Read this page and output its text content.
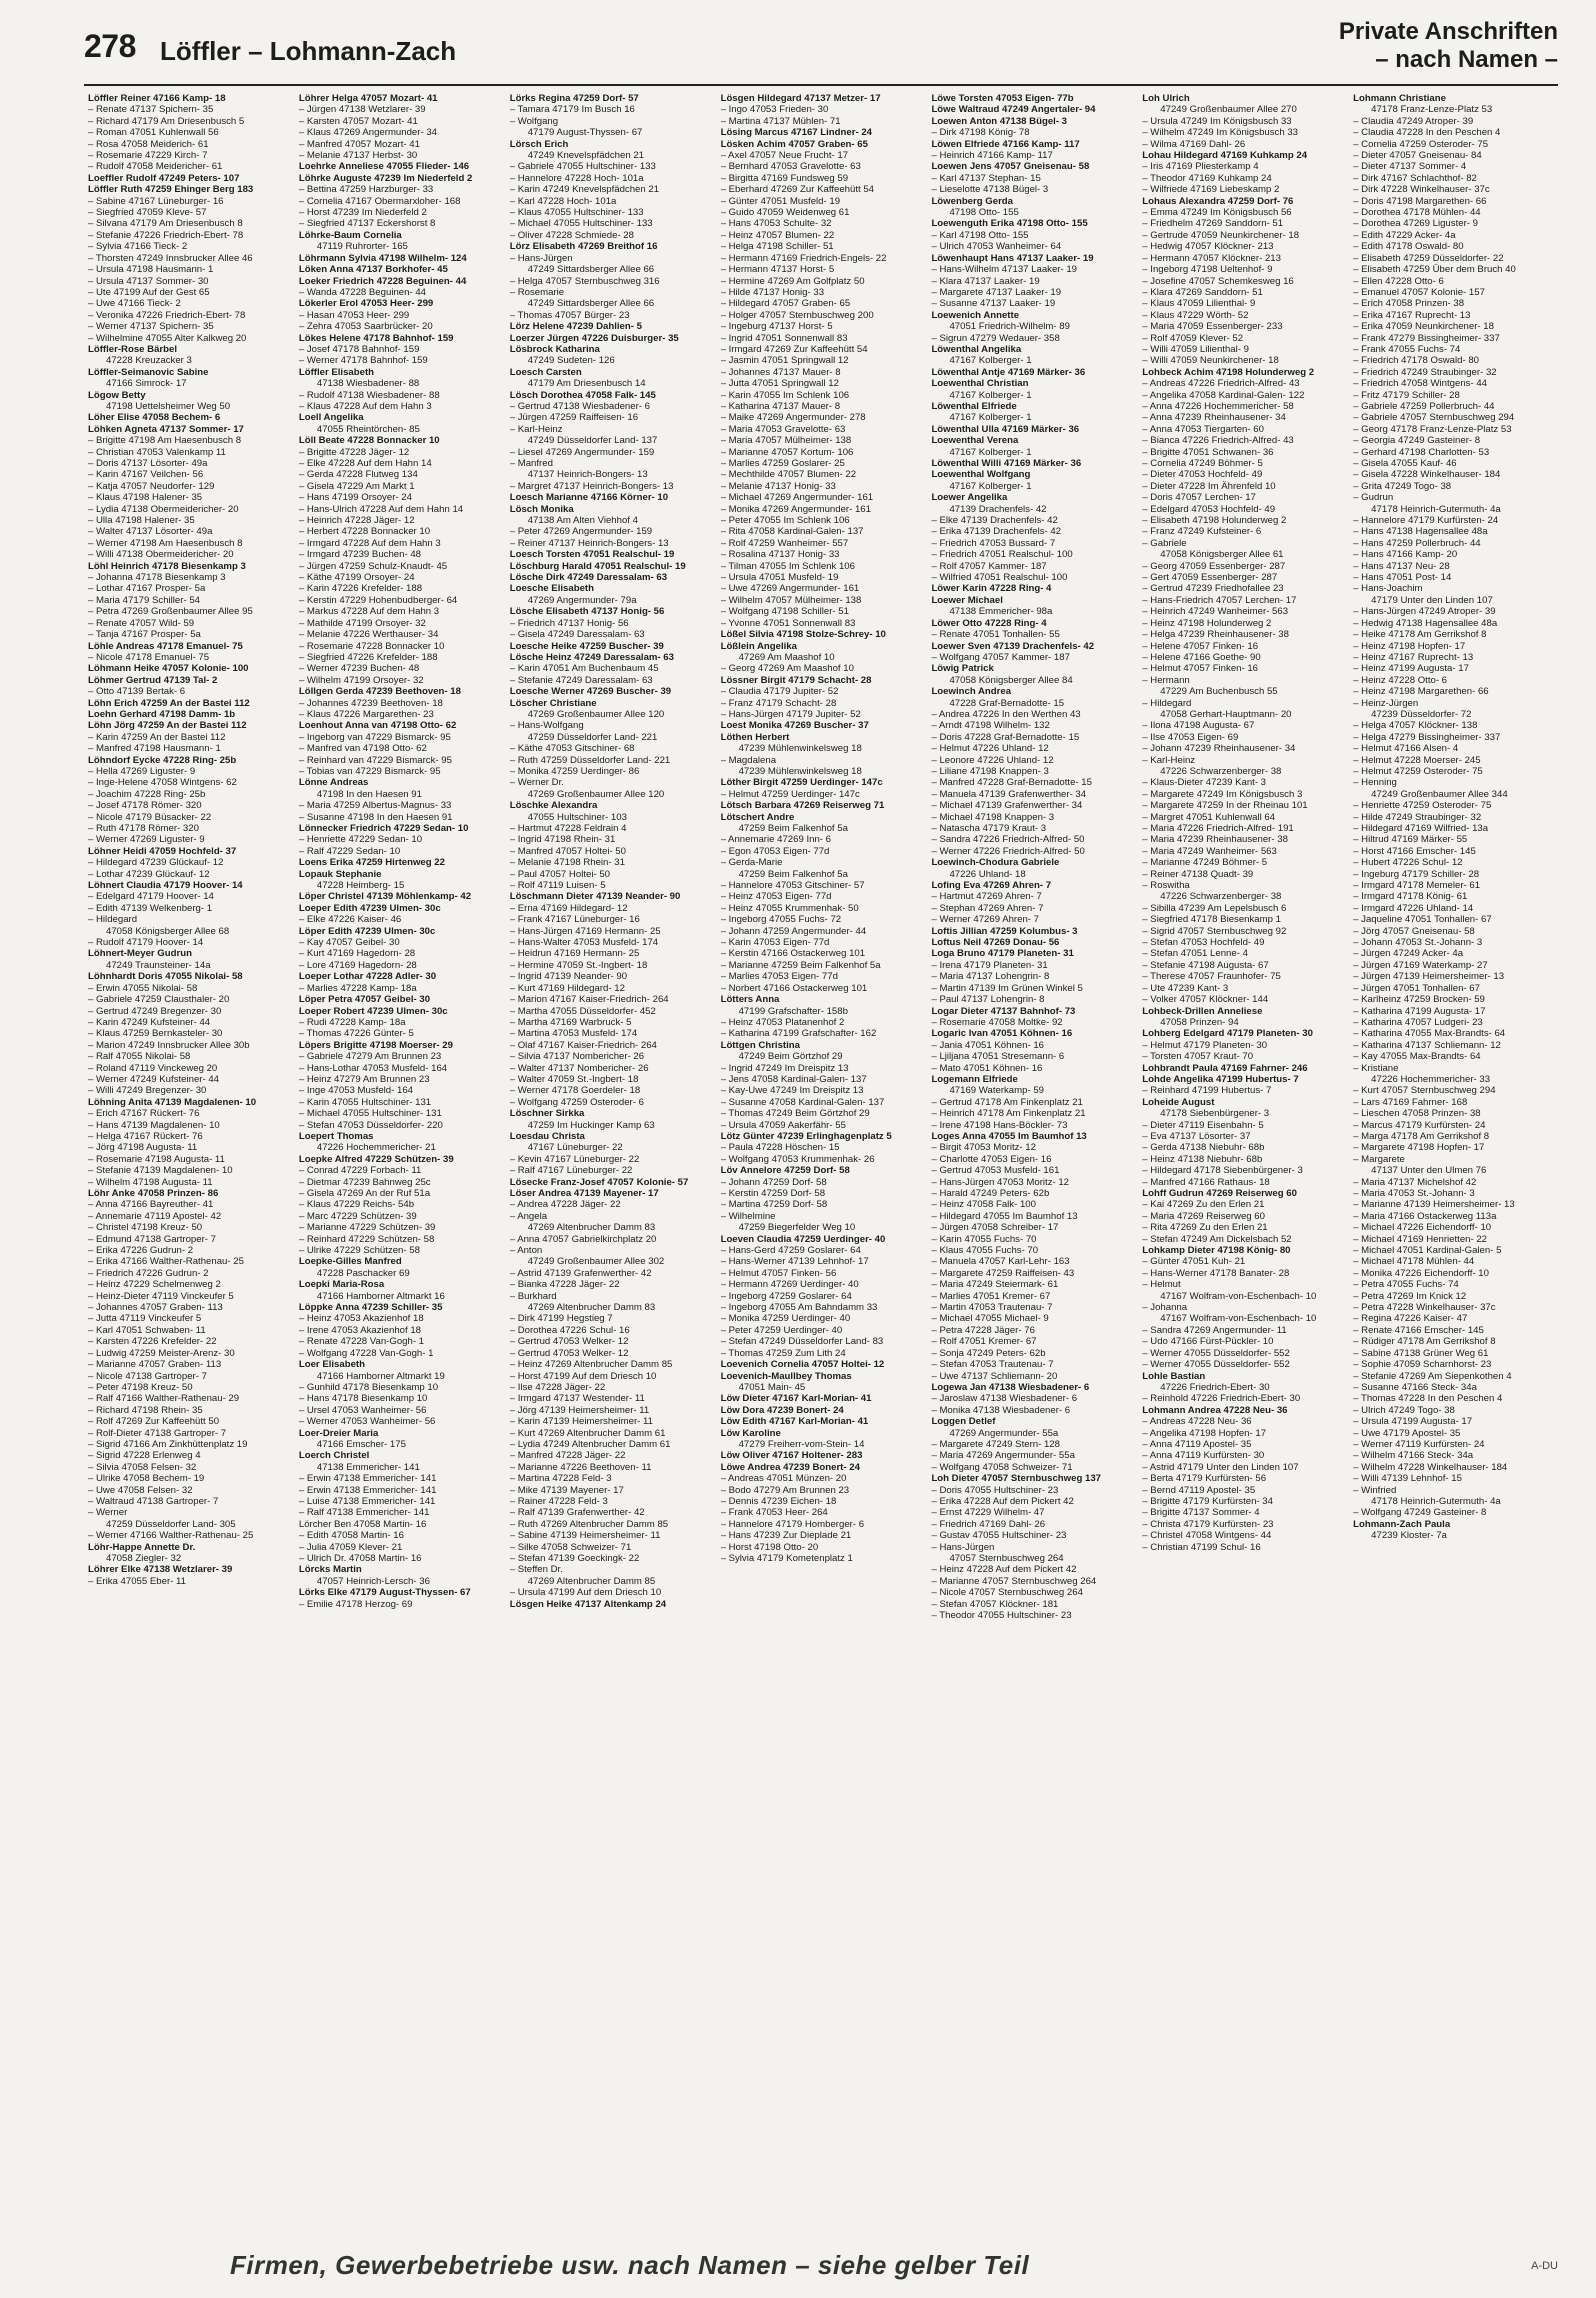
278 Löffler – Lohmann-Zach
Private Anschriften
– nach Namen –
Löffler Reiner 47166 Kamp- 18
– Renate 47137 Spichern- 35
– Richard 47179 Am Driesenbusch 5
– Roman 47051 Kuhlenwall 56
– Rosa 47058 Meiderich- 61
– Rosemarie 47229 Kirch- 7
– Rudolf 47058 Meidericher- 61
Loeffler Rudolf 47249 Peters- 107
Löffler Ruth 47259 Ehinger Berg 183
– Sabine 47167 Lüneburger- 16
– Siegfried 47059 Kleve- 57
– Silvana 47179 Am Driesenbusch 8
– Stefanie 47226 Friedrich-Ebert- 78
– Sylvia 47166 Tieck- 2
– Thorsten 47249 Innsbrucker Allee 46
– Ursula 47198 Hausmann- 1
– Ursula 47137 Sommer- 30
– Ute 47199 Auf der Gest 65
– Uwe 47166 Tieck- 2
– Veronika 47226 Friedrich-Ebert- 78
– Werner 47137 Spichern- 35
– Wilhelmine 47055 Alter Kalkweg 20
Löffler-Rose Bärbel
47228 Kreuzacker 3
Löffler-Seimanovic Sabine
47166 Simrock- 17
Lögow Betty
47198 Uettelsheimer Weg 50
Löher Elise 47058 Bechem- 6
Löhken Agneta 47137 Sommer- 17
– Brigitte 47198 Am Haesenbusch 8
– Christian 47053 Valenkamp 11
– Doris 47137 Lösorter- 49a
– Karin 47167 Veilchen- 56
– Katja 47057 Neudorfer- 129
– Klaus 47198 Halener- 35
– Lydia 47138 Obermeidericher- 20
– Ulla 47198 Halener- 35
– Walter 47137 Lösorter- 49a
– Werner 47198 Am Haesenbusch 8
– Willi 47138 Obermeidericher- 20
Löhl Heinrich 47178 Biesenkamp 3
– Johanna 47178 Biesenkamp 3
– Lothar 47167 Prosper- 5a
– Maria 47179 Schiller- 54
– Petra 47269 Großenbaumer Allee 95
– Renate 47057 Wild- 59
– Tanja 47167 Prosper- 5a
Löhle Andreas 47178 Emanuel- 75
– Nicole 47178 Emanuel- 75
Löhmann Heike 47057 Koloniе- 100
Löhmer Gertrud 47139 Tal- 2
– Otto 47139 Bertak- 6
Löhn Erich 47259 An der Bastei 112
Loehn Gerhard 47198 Damm- 1b
Löhn Jörg 47259 An der Bastei 112
– Karin 47259 An der Bastei 112
– Manfred 47198 Hausmann- 1
Löhndorf Eycke 47228 Ring- 25b
– Hella 47269 Liguster- 9
– Inge-Helene 47058 Wintgens- 62
– Joachim 47228 Ring- 25b
– Josef 47178 Römer- 320
– Nicole 47179 Büsacker- 22
– Ruth 47178 Römer- 320
– Werner 47269 Liguster- 9
Löhner Heidi 47059 Hochfeld- 37
– Hildegard 47239 Glückauf- 12
– Lothar 47239 Glückauf- 12
Löhnert Claudia 47179 Hoover- 14
– Edelgard 47179 Hoover- 14
– Edith 47139 Welkenberg- 1
– Hildegard
47058 Königsberger Allee 68
– Rudolf 47179 Hoover- 14
Löhnert-Meyer Gudrun
47249 Traunsteiner- 14a
Löhnhardt Doris 47055 Nikolai- 58
– Erwin 47055 Nikolai- 58
– Gabriele 47259 Clausthaler- 20
– Gertrud 47249 Bregenzer- 30
– Karin 47249 Kufsteiner- 44
– Klaus 47259 Bernkasteler- 30
– Marion 47249 Innsbrucker Allee 30b
– Ralf 47055 Nikolai- 58
– Roland 47119 Vinckeweg 20
– Werner 47249 Kufsteiner- 44
– Willi 47249 Bregenzer- 30
Löhning Anita 47139 Magdalenen- 10
– Erich 47167 Rückert- 76
– Hans 47139 Magdalenen- 10
– Helga 47167 Rückert- 76
– Jörg 47198 Augusta- 11
– Rosemarie 47198 Augusta- 11
– Stefanie 47139 Magdalenen- 10
– Wilhelm 47198 Augusta- 11
Löhr Anke 47058 Prinzen- 86
– Anna 47166 Bayreuther- 41
– Annemarie 47119 Apostel- 42
– Christel 47198 Kreuz- 50
– Edmund 47138 Gartroper- 7
– Erika 47226 Gudrun- 2
– Erika 47166 Walther-Rathenau- 25
– Friedrich 47226 Gudrun- 2
– Heinz 47229 Schelmenweg 2
– Heinz-Dieter 47119 Vinckeufer 5
– Johannes 47057 Graben- 113
– Jutta 47119 Vinckeufer 5
– Karl 47051 Schwaben- 11
– Karsten 47226 Krefelder- 22
– Ludwig 47259 Meister-Arenz- 30
– Marianne 47057 Graben- 113
– Nicole 47138 Gartroper- 7
– Peter 47198 Kreuz- 50
– Ralf 47166 Walther-Rathenau- 29
– Richard 47198 Rhein- 35
– Rolf 47269 Zur Kaffeehütt 50
– Rolf-Dieter 47138 Gartroper- 7
– Sigrid 47166 Am Zinkhüttenplatz 19
– Sigrid 47228 Erlenweg 4
– Silvia 47058 Felsen- 32
– Ulrike 47058 Bechem- 19
– Uwe 47058 Felsen- 32
– Waltraud 47138 Gartroper- 7
– Werner
47259 Düsseldorfer Land- 305
– Werner 47166 Walther-Rathenau- 25
Löhr-Happe Annette Dr.
47058 Ziegler- 32
Löhrer Elke 47138 Wetzlarer- 39
– Erika 47055 Eber- 11
Löhrer Helga 47057 Mozart- 41
– Jürgen 47138 Wetzlarer- 39
– Karsten 47057 Mozart- 41
– Klaus 47269 Angermunder- 34
– Manfred 47057 Mozart- 41
– Melanie 47137 Herbst- 30
Loehrke Anneliese 47055 Flieder- 146
Löhrke Auguste 47239 Im Niederfeld 2
– Bettina 47259 Harzburger- 33
– Cornelia 47167 Obermarxloher- 168
– Horst 47239 Im Niederfeld 2
– Siegfried 47137 Eckershorst 8
Löhrke-Baum Cornelia
47119 Ruhrorter- 165
Löhrmann Sylvia 47198 Wilhelm- 124
Löken Anna 47137 Borkhofer- 45
Loeker Friedrich 47228 Beguinen- 44
– Wanda 47228 Beguinen- 44
Lökerler Erol 47053 Heer- 299
– Hasan 47053 Heer- 299
– Zehra 47053 Saarbrücker- 20
Lökes Helene 47178 Bahnhof- 159
– Josef 47178 Bahnhof- 159
– Werner 47178 Bahnhof- 159
Löffler Elisabeth
47138 Wiesbadener- 88
– Rudolf 47138 Wiesbadener- 88
– Klaus 47228 Auf dem Hahn 3
Loell Angelika
47055 Rheintörchen- 85
Löll Beate 47228 Bonnacker 10
– Brigitte 47228 Jäger- 12
– Elke 47228 Auf dem Hahn 14
– Gerda 47228 Flutweg 134
– Gisela 47229 Am Markt 1
– Hans 47199 Orsoyer- 24
– Hans-Ulrich 47228 Auf dem Hahn 14
– Heinrich 47228 Jäger- 12
– Herbert 47228 Bonnacker 10
– Irmgard 47228 Auf dem Hahn 3
– Irmgard 47239 Buchen- 48
– Jürgen 47259 Schulz-Knaudt- 45
– Käthe 47199 Orsoyer- 24
– Karin 47226 Krefelder- 188
– Kerstin 47229 Hohenbudberger- 64
– Markus 47228 Auf dem Hahn 3
– Mathilde 47199 Orsoyer- 32
– Melanie 47226 Werthauser- 34
– Rosemarie 47228 Bonnacker 10
– Siegfried 47226 Krefelder- 188
– Werner 47239 Buchen- 48
– Wilhelm 47199 Orsoyer- 32
Löllgen Gerda 47239 Beethoven- 18
– Johannes 47239 Beethoven- 18
– Klaus 47226 Margarethen- 23
Loenhout Anna van 47198 Otto- 62
– Ingeborg van 47229 Bismarck- 95
– Manfred van 47198 Otto- 62
– Reinhard van 47229 Bismarck- 95
– Tobias van 47229 Bismarck- 95
Lönne Andreas
47198 In den Haesen 91
– Maria 47259 Albertus-Magnus- 33
– Susanne 47198 In den Haesen 91
Lönnecker Friedrich 47229 Sedan- 10
– Henriette 47229 Sedan- 10
– Ralf 47229 Sedan- 10
Loens Erika 47259 Hirtenweg 22
Lopauk Stephanie
47228 Heimberg- 15
Löper Christel 47139 Möhlenkamp- 42
Loeper Edith 47239 Ulmen- 30c
– Elke 47226 Kaiser- 46
Löper Edith 47239 Ulmen- 30c
– Kay 47057 Geibel- 30
– Kurt 47169 Hagedorn- 28
– Lore 47169 Hagedorn- 28
Loeper Lothar 47228 Adler- 30
– Marlies 47228 Kamp- 18a
Löper Petra 47057 Geibel- 30
Loeper Robert 47239 Ulmen- 30c
– Rudi 47228 Kamp- 18a
– Thomas 47226 Günter- 5
Löpers Brigitte 47198 Moerser- 29
– Gabriele 47279 Am Brunnen 23
– Hans-Lothar 47053 Musfeld- 164
– Heinz 47279 Am Brunnen 23
– Inge 47053 Musfeld- 164
– Karin 47055 Hultschiner- 131
– Michael 47055 Hultschiner- 131
– Stefan 47053 Düsseldorfer- 220
Loepert Thomas
47226 Hochemmericher- 21
Loepke Alfred 47229 Schützen- 39
– Conrad 47229 Forbach- 11
– Dietmar 47239 Bahnweg 25c
– Gisela 47269 An der Ruf 51a
– Klaus 47229 Reichs- 54b
– Marc 47229 Schützen- 39
– Marianne 47229 Schützen- 39
– Reinhard 47229 Schützen- 58
– Ulrike 47229 Schützen- 58
Loepke-Gilles Manfred
47228 Paschacker 69
Loepki Maria-Rosa
47166 Hamborner Altmarkt 16
Löppke Anna 47239 Schiller- 35
– Heinz 47053 Akazienhof 18
– Irene 47053 Akazienhof 18
– Renate 47228 Van-Gogh- 1
– Wolfgang 47228 Van-Gogh- 1
Loer Elisabeth
47166 Hamborner Altmarkt 19
– Gunhild 47178 Biesenkamp 10
– Hans 47178 Biesenkamp 10
– Ursel 47053 Wanheimer- 56
– Werner 47053 Wanheimer- 56
Loer-Dreier Maria
47166 Emscher- 175
Loerch Christel
47138 Emmericher- 141
– Erwin 47138 Emmericher- 141
– Erwin 47138 Emmericher- 141
– Luise 47138 Emmericher- 141
– Ralf 47138 Emmericher- 141
Lörcher Ben 47058 Martin- 16
– Edith 47058 Martin- 16
– Julia 47059 Klever- 21
– Ulrich Dr. 47058 Martin- 16
Lörcks Martin
47057 Heinrich-Lersch- 36
Lörks Elke 47179 August-Thyssen- 67
– Emilie 47178 Herzog- 69
Lörks Regina 47259 Dorf- 57
– Tamara 47179 Im Busch 16
– Wolfgang
47179 August-Thyssen- 67
Lörsch Erich
47249 Knevelspfädchen 21
– Gabriele 47055 Hultschiner- 133
– Hannelore 47228 Hoch- 101a
– Karin 47249 Knevelspfädchen 21
– Karl 47228 Hoch- 101a
– Klaus 47055 Hultschiner- 133
– Michael 47055 Hultschiner- 133
– Oliver 47228 Schmiede- 28
Lörz Elisabeth 47269 Breithof 16
– Hans-Jürgen
47249 Sittardsberger Allee 66
– Helga 47057 Sternbuschweg 316
– Rosemarie
47249 Sittardsberger Allee 66
– Thomas 47057 Bürger- 23
Lörz Helene 47239 Dahlien- 5
Loerzer Jürgen 47226 Duisburger- 35
Lösbrock Katharina
47249 Sudeten- 126
Loesch Carsten
47179 Am Driesenbusch 14
Lösch Dorothea 47058 Falk- 145
– Gertrud 47138 Wiesbadener- 6
– Jürgen 47259 Raiffeisen- 16
– Karl-Heinz
47249 Düsseldorfer Land- 137
– Liesel 47269 Angermunder- 159
– Manfred
47137 Heinrich-Bongers- 13
– Margret 47137 Heinrich-Bongers- 13
Loesch Marianne 47166 Körner- 10
Lösch Monika
47138 Am Alten Viehhof 4
– Peter 47269 Angermunder- 159
– Reiner 47137 Heinrich-Bongers- 13
Loesch Torsten 47051 Realschul- 19
Löschburg Harald 47051 Realschul- 19
Lösche Dirk 47249 Daressalam- 63
Loesche Elisabeth
47269 Angermunder- 79a
Lösche Elisabeth 47137 Honig- 56
– Friedrich 47137 Honig- 56
– Gisela 47249 Daressalam- 63
Loesche Heike 47259 Buscher- 39
Lösche Heinz 47249 Daressalam- 63
– Karin 47051 Am Buchenbaum 45
– Stefanie 47249 Daressalam- 63
Loesche Werner 47269 Buscher- 39
Löscher Christiane
47269 Großenbaumer Allee 120
– Hans-Wolfgang
47259 Düsseldorfer Land- 221
– Käthe 47053 Gitschiner- 68
– Ruth 47259 Düsseldorfer Land- 221
– Monika 47259 Uerdinger- 86
– Werner Dr.
47269 Großenbaumer Allee 120
Löschke Alexandra
47055 Hultschiner- 103
– Hartmut 47228 Feldrain 4
– Ingrid 47198 Rhein- 31
– Manfred 47057 Holtei- 50
– Melanie 47198 Rhein- 31
– Paul 47057 Holtei- 50
– Rolf 47119 Luisen- 5
Löschmann Dieter 47139 Neander- 90
– Erna 47169 Hildegard- 12
– Frank 47167 Lüneburger- 16
– Hans-Jürgen 47169 Hermann- 25
– Hans-Walter 47053 Musfeld- 174
– Heidrun 47169 Hermann- 25
– Hermine 47059 St.-Ingbert- 18
– Ingrid 47139 Neander- 90
– Kurt 47169 Hildegard- 12
– Marion 47167 Kaiser-Friedrich- 264
– Martha 47055 Düsseldorfer- 452
– Martha 47169 Warbruck- 5
– Martina 47053 Musfeld- 174
– Olaf 47167 Kaiser-Friedrich- 264
– Silvia 47137 Nombericher- 26
– Walter 47137 Nombericher- 26
– Walter 47059 St.-Ingbert- 18
– Werner 47178 Goerdeler- 18
– Wolfgang 47259 Osteroder- 6
Löschner Sirkka
47259 Im Huckinger Kamp 63
Loesdau Christa
47167 Lüneburger- 22
– Kevin 47167 Lüneburger- 22
– Ralf 47167 Lüneburger- 22
Lösecke Franz-Josef 47057 Kolonie- 57
Löser Andrea 47139 Mayener- 17
– Andrea 47228 Jäger- 22
– Angela
47269 Altenbrucher Damm 83
– Anna 47057 Gabrielkirchplatz 20
– Anton
47249 Großenbaumer Allee 302
– Astrid 47139 Grafenwerther- 42
– Bianka 47228 Jäger- 22
– Burkhard
47269 Altenbrucher Damm 83
– Dirk 47199 Hegstieg 7
– Dorothea 47226 Schul- 16
– Gertrud 47053 Welker- 12
– Gertrud 47053 Welker- 12
– Heinz 47269 Altenbrucher Damm 85
– Horst 47199 Auf dem Driesch 10
– Ilse 47228 Jäger- 22
– Irmgard 47137 Westender- 11
– Jörg 47139 Heimersheimer- 11
– Karin 47139 Heimersheimer- 11
– Kurt 47269 Altenbrucher Damm 61
– Lydia 47249 Altenbrucher Damm 61
– Manfred 47228 Jäger- 22
– Marianne 47226 Beethoven- 11
– Martina 47228 Feld- 3
– Mike 47139 Mayener- 17
– Rainer 47228 Feld- 3
– Ralf 47139 Grafenwerther- 42
– Ruth 47269 Altenbrucher Damm 85
– Sabine 47139 Heimersheimer- 11
– Silke 47058 Schweizer- 71
– Stefan 47139 Goeckingk- 22
– Steffen Dr.
47269 Altenbrucher Damm 85
– Ursula 47199 Auf dem Driesch 10
Lösgen Heike 47137 Altenkamp 24
Lösgen Hildegard 47137 Metzer- 17
– Ingo 47053 Frieden- 30
– Martina 47137 Mühlen- 71
Lösing Marcus 47167 Lindner- 24
Lösken Achim 47057 Graben- 65
– Axel 47057 Neue Frucht- 17
– Bernhard 47053 Gravelotte- 63
– Birgitta 47169 Fundsweg 59
– Eberhard 47269 Zur Kaffeehütt 54
– Günter 47051 Musfeld- 19
– Guido 47059 Weidenweg 61
– Hans 47053 Schulte- 32
– Heinz 47057 Blumen- 22
– Helga 47198 Schiller- 51
– Hermann 47169 Friedrich-Engels- 22
– Hermann 47137 Horst- 5
– Hermine 47269 Am Golfplatz 50
– Hilde 47137 Honig- 33
– Hildegard 47057 Graben- 65
– Holger 47057 Sternbuschweg 200
– Ingeburg 47137 Horst- 5
– Ingrid 47051 Sonnenwall 83
– Irmgard 47269 Zur Kaffeehütt 54
– Jasmin 47051 Springwall 12
– Johannes 47137 Mauer- 8
– Jutta 47051 Springwall 12
– Karin 47055 Im Schlenk 106
– Katharina 47137 Mauer- 8
– Maike 47269 Angermunder- 278
– Maria 47053 Gravelotte- 63
– Maria 47057 Mülheimer- 138
– Marianne 47057 Kortum- 106
– Marlies 47259 Goslarer- 25
– Mechthilde 47057 Blumen- 22
– Melanie 47137 Honig- 33
– Michael 47269 Angermunder- 161
– Monika 47269 Angermunder- 161
– Peter 47055 Im Schlenk 106
– Rita 47058 Kardinal-Galen- 137
– Rolf 47259 Wanheimer- 557
– Rosalina 47137 Honig- 33
– Tilman 47055 Im Schlenk 106
– Ursula 47051 Musfeld- 19
– Uwe 47269 Angermunder- 161
– Wilhelm 47057 Mülheimer- 138
– Wolfgang 47198 Schiller- 51
– Yvonne 47051 Sonnenwall 83
Lößel Silvia 47198 Stolze-Schrey- 10
Lößlein Angelika
47269 Am Maashof 10
– Georg 47269 Am Maashof 10
Lössner Birgit 47179 Schacht- 28
– Claudia 47179 Jupiter- 52
– Franz 47179 Schacht- 28
– Hans-Jürgen 47179 Jupiter- 52
Loest Monika 47269 Buscher- 37
Löthen Herbert
47239 Mühlenwinkelsweg 18
– Magdalena
47239 Mühlenwinkelsweg 18
Löther Birgit 47259 Uerdinger- 147c
– Helmut 47259 Uerdinger- 147c
Lötsch Barbara 47269 Reiserweg 71
Lötschert Andre
47259 Beim Falkenhof 5a
– Annemarie 47269 Inn- 6
– Egon 47053 Eigen- 77d
– Gerda-Marie
47259 Beim Falkenhof 5a
– Hannelore 47053 Gitschiner- 57
– Heinz 47053 Eigen- 77d
– Heinz 47055 Krummenhak- 50
– Ingeborg 47055 Fuchs- 72
– Johann 47259 Angermunder- 44
– Karin 47053 Eigen- 77d
– Kerstin 47166 Ostackerweg 101
– Marianne 47259 Beim Falkenhof 5a
– Marlies 47053 Eigen- 77d
– Norbert 47166 Ostackerweg 101
Lötters Anna
47199 Grafschafter- 158b
– Heinz 47053 Platanenhof 2
– Katharina 47199 Grafschafter- 162
Löttgen Christina
47249 Beim Görtzhof 29
– Ingrid 47249 Im Dreispitz 13
– Jens 47058 Kardinal-Galen- 137
– Kay-Uwe 47249 Im Dreispitz 13
– Susanne 47058 Kardinal-Galen- 137
– Thomas 47249 Beim Görtzhof 29
– Ursula 47059 Aakerfähr- 55
Lötz Günter 47239 Erlinghagenplatz 5
– Paula 47228 Höschen- 15
– Wolfgang 47053 Krummenhak- 26
Löv Annelore 47259 Dorf- 58
– Johann 47259 Dorf- 58
– Kerstin 47259 Dorf- 58
– Martina 47259 Dorf- 58
– Wilhelmine
47259 Biegerfelder Weg 10
Loeven Claudia 47259 Uerdinger- 40
– Hans-Gerd 47259 Goslarer- 64
– Hans-Werner 47139 Lehnhof- 17
– Helmut 47057 Finken- 56
– Hermann 47269 Uerdinger- 40
– Ingeborg 47259 Goslarer- 64
– Ingeborg 47055 Am Bahndamm 33
– Monika 47259 Uerdinger- 40
– Peter 47259 Uerdinger- 40
– Stefan 47249 Düsseldorfer Land- 83
– Thomas 47259 Zum Lith 24
Loevenich Cornelia 47057 Holtei- 12
Loevenich-Maullbey Thomas
47051 Main- 45
Löw Dieter 47167 Karl-Morian- 41
Löw Dora 47239 Bonert- 24
Löw Edith 47167 Karl-Morian- 41
Löw Karoline
47279 Freiherr-vom-Stein- 14
Löw Oliver 47167 Holtener- 283
Löwe Andrea 47239 Bonert- 24
– Andreas 47051 Münzen- 20
– Bodo 47279 Am Brunnen 23
– Dennis 47239 Eichen- 18
– Frank 47053 Heer- 264
– Hannelore 47179 Homberger- 6
– Hans 47239 Zur Dieplade 21
– Horst 47198 Otto- 20
– Sylvia 47179 Kometenplatz 1
Löwe Torsten 47053 Eigen- 77b
Löwe Waltraud 47249 Angertaler- 94
Loewen Anton 47138 Bügel- 3
– Dirk 47198 König- 78
Löwen Elfriede 47166 Kamp- 117
– Heinrich 47166 Kamp- 117
Loewen Jens 47057 Gneisenau- 58
– Karl 47137 Stephan- 15
– Lieselotte 47138 Bügel- 3
Löwenberg Gerda
47198 Otto- 155
Loewenguth Erika 47198 Otto- 155
– Karl 47198 Otto- 155
– Ulrich 47053 Wanheimer- 64
Löwenhaupt Hans 47137 Laaker- 19
– Hans-Wilhelm 47137 Laaker- 19
– Klara 47137 Laaker- 19
– Margarete 47137 Laaker- 19
– Susanne 47137 Laaker- 19
Loewenich Annette
47051 Friedrich-Wilhelm- 89
– Sigrun 47279 Wedauer- 358
Löwenthal Angelika
47167 Kolberger- 1
Löwenthal Antje 47169 Märker- 36
Loewenthal Christian
47167 Kolberger- 1
Löwenthal Elfriede
47167 Kolberger- 1
Löwenthal Ulla 47169 Märker- 36
Loewenthal Verena
47167 Kolberger- 1
Löwenthal Willi 47169 Märker- 36
Loewenthal Wolfgang
47167 Kolberger- 1
Loewer Angelika
47139 Drachenfels- 42
– Elke 47139 Drachenfels- 42
– Erika 47139 Drachenfels- 42
– Friedrich 47053 Bussard- 7
– Friedrich 47051 Realschul- 100
– Rolf 47057 Kammer- 187
– Wilfried 47051 Realschul- 100
Löwer Karin 47228 Ring- 4
Loewer Michael
47138 Emmericher- 98a
Löwer Otto 47228 Ring- 4
– Renate 47051 Tonhallen- 55
Loewer Sven 47139 Drachenfels- 42
– Wolfgang 47057 Kammer- 187
Löwig Patrick
47058 Königsberger Allee 84
Loewinch Andrea
47228 Graf-Bernadotte- 15
– Andrea 47226 In den Werthen 43
– Arndt 47198 Wilhelm- 132
– Doris 47228 Graf-Bernadotte- 15
– Helmut 47226 Uhland- 12
– Leonore 47226 Uhland- 12
– Liliane 47198 Knappen- 3
– Manfred 47228 Graf-Bernadotte- 15
– Manuela 47139 Grafenwerther- 34
– Michael 47139 Grafenwerther- 34
– Michael 47198 Knappen- 3
– Natascha 47179 Kraut- 3
– Sandra 47226 Friedrich-Alfred- 50
– Werner 47226 Friedrich-Alfred- 50
Loewinch-Chodura Gabriele
47226 Uhland- 18
Lofing Eva 47269 Ahren- 7
– Hartmut 47269 Ahren- 7
– Stephan 47269 Ahren- 7
– Werner 47269 Ahren- 7
Loftis Jillian 47259 Kolumbus- 3
Loftus Neil 47269 Donau- 56
Loga Bruno 47179 Planeten- 31
– Irena 47179 Planeten- 31
– Maria 47137 Lohengrin- 8
– Martin 47139 Im Grünen Winkel 5
– Paul 47137 Lohengrin- 8
Logar Dieter 47137 Bahnhof- 73
– Rosemarie 47058 Moltke- 92
Logaric Ivan 47051 Köhnen- 16
– Jania 47051 Köhnen- 16
– Ljiljana 47051 Stresemann- 6
– Mato 47051 Köhnen- 16
Logemann Elfriede
47169 Waterkamp- 59
– Gertrud 47178 Am Finkenplatz 21
– Heinrich 47178 Am Finkenplatz 21
– Irene 47198 Hans-Böckler- 73
Loges Anna 47055 Im Baumhof 13
– Birgit 47053 Moritz- 12
– Charlotte 47053 Eigen- 16
– Gertrud 47053 Musfeld- 161
– Hans-Jürgen 47053 Moritz- 12
– Harald 47249 Peters- 62b
– Heinz 47058 Falk- 100
– Hildegard 47055 Im Baumhof 13
– Jürgen 47058 Schreiber- 17
– Karin 47055 Fuchs- 70
– Klaus 47055 Fuchs- 70
– Manuela 47057 Karl-Lehr- 163
– Margarete 47259 Raiffeisen- 43
– Maria 47249 Steiermark- 61
– Marlies 47051 Kremer- 67
– Martin 47053 Trautenau- 7
– Michael 47055 Michael- 9
– Petra 47228 Jäger- 76
– Rolf 47051 Kremer- 67
– Sonja 47249 Peters- 62b
– Stefan 47053 Trautenau- 7
– Uwe 47137 Schliemann- 20
Logewa Jan 47138 Wiesbadener- 6
– Jaroslaw 47138 Wiesbadener- 6
– Monika 47138 Wiesbadener- 6
Loggen Detlef
47269 Angermunder- 55a
– Margarete 47249 Stern- 128
– Maria 47269 Angermunder- 55a
– Wolfgang 47058 Schweizer- 71
Loh Dieter 47057 Sternbuschweg 137
– Doris 47055 Hultschiner- 23
– Erika 47228 Auf dem Pickert 42
– Ernst 47229 Wilhelm- 47
– Friedrich 47169 Dahl- 26
– Gustav 47055 Hultschiner- 23
– Hans-Jürgen
47057 Sternbuschweg 264
– Heinz 47228 Auf dem Pickert 42
– Marianne 47057 Sternbuschweg 264
– Nicole 47057 Sternbuschweg 264
– Stefan 47057 Klöckner- 181
– Theodor 47055 Hultschiner- 23
Loh Ulrich
47249 Großenbaumer Allee 270
– Ursula 47249 Im Königsbusch 33
– Wilhelm 47249 Im Königsbusch 33
– Wilma 47169 Dahl- 26
Lohau Hildegard 47169 Kuhkamp 24
– Iris 47169 Pliesterkamp 4
– Theodor 47169 Kuhkamp 24
– Wilfriede 47169 Liebeskamp 2
Lohaus Alexandra 47259 Dorf- 76
– Emma 47249 Im Königsbusch 56
– Friedhelm 47269 Sanddorn- 51
– Gertrude 47059 Neunkirchener- 18
– Hedwig 47057 Klöckner- 213
– Hermann 47057 Klöckner- 213
– Ingeborg 47198 Ueltenhof- 9
– Josefine 47057 Schemkesweg 16
– Klara 47269 Sanddorn- 51
– Klaus 47059 Lilienthal- 9
– Klaus 47229 Wörth- 52
– Maria 47059 Essenberger- 233
– Rolf 47059 Klever- 52
– Willi 47059 Lilienthal- 9
– Willi 47059 Neunkirchener- 18
Lohbeck Achim 47198 Holunderweg 2
– Andreas 47226 Friedrich-Alfred- 43
– Angelika 47058 Kardinal-Galen- 122
– Anna 47226 Hochemmericher- 58
– Anna 47239 Rheinhausener- 34
– Anna 47053 Tiergarten- 60
– Bianca 47226 Friedrich-Alfred- 43
– Brigitte 47051 Schwanen- 36
– Cornelia 47249 Böhmer- 5
– Dieter 47053 Hochfeld- 49
– Dieter 47228 Im Ährenfeld 10
– Doris 47057 Lerchen- 17
– Edelgard 47053 Hochfeld- 49
– Elisabeth 47198 Holunderweg 2
– Franz 47249 Kufsteiner- 6
– Gabriele
47058 Königsberger Allee 61
– Georg 47059 Essenberger- 287
– Gert 47059 Essenberger- 287
– Gertrud 47239 Friedhofallee 23
– Hans-Friedrich 47057 Lerchen- 17
– Heinrich 47249 Wanheimer- 563
– Heinz 47198 Holunderweg 2
– Helga 47239 Rheinhausener- 38
– Helene 47057 Finken- 16
– Helene 47166 Goethe- 90
– Helmut 47057 Finken- 16
– Hermann
47229 Am Buchenbusch 55
– Hildegard
47058 Gerhart-Hauptmann- 20
– Ilona 47198 Augusta- 67
– Ilse 47053 Eigen- 69
– Johann 47239 Rheinhausener- 34
– Karl-Heinz
47226 Schwarzenberger- 38
– Klaus-Dieter 47239 Kant- 3
– Margarete 47249 Im Königsbusch 3
– Margarete 47259 In der Rheinau 101
– Margret 47051 Kuhlenwall 64
– Maria 47226 Friedrich-Alfred- 191
– Maria 47239 Rheinhausener- 38
– Maria 47249 Wanheimer- 563
– Marianne 47249 Böhmer- 5
– Reiner 47138 Quadt- 39
– Roswitha
47226 Schwarzenberger- 38
– Sibilla 47239 Am Lepelsbusch 6
– Siegfried 47178 Biesenkamp 1
– Sigrid 47057 Sternbuschweg 92
– Stefan 47053 Hochfeld- 49
– Stefan 47051 Lenne- 4
– Stefanie 47198 Augusta- 67
– Therese 47057 Fraunhofer- 75
– Ute 47239 Kant- 3
– Volker 47057 Klöckner- 144
Lohbeck-Drillen Anneliese
47058 Prinzen- 94
Lohberg Edelgard 47179 Planeten- 30
– Helmut 47179 Planeten- 30
– Torsten 47057 Kraut- 70
Lohbrandt Paula 47169 Fahrner- 246
Lohde Angelika 47199 Hubertus- 7
– Reinhard 47199 Hubertus- 7
Loheide August
47178 Siebenbürgener- 3
– Dieter 47119 Eisenbahn- 5
– Eva 47137 Lösorter- 37
– Gerda 47138 Niebuhr- 68b
– Heinz 47138 Niebuhr- 68b
– Hildegard 47178 Siebenbürgener- 3
– Manfred 47166 Rathaus- 18
Lohff Gudrun 47269 Reiserweg 60
– Kai 47269 Zu den Erlen 21
– Maria 47269 Reiserweg 60
– Rita 47269 Zu den Erlen 21
– Stefan 47249 Am Dickelsbach 52
Lohkamp Dieter 47198 König- 80
– Günter 47051 Kuh- 21
– Hans-Werner 47178 Banater- 28
– Helmut
47167 Wolfram-von-Eschenbach- 10
– Johanna
47167 Wolfram-von-Eschenbach- 10
– Sandra 47269 Angermunder- 11
– Udo 47166 Fürst-Pückler- 10
– Werner 47055 Düsseldorfer- 552
– Werner 47055 Düsseldorfer- 552
Lohle Bastian
47226 Friedrich-Ebert- 30
– Reinhold 47226 Friedrich-Ebert- 30
Lohmann Andrea 47228 Neu- 36
– Andreas 47228 Neu- 36
– Angelika 47198 Hopfen- 17
– Anna 47119 Apostel- 35
– Anna 47119 Kurfürsten- 30
– Astrid 47179 Unter den Linden 107
– Berta 47179 Kurfürsten- 56
– Bernd 47119 Apostel- 35
– Brigitte 47179 Kurfürsten- 34
– Brigitte 47137 Sommer- 4
– Christa 47179 Kurfürsten- 23
– Christel 47058 Wintgens- 44
– Christian 47199 Schul- 16
Lohmann Christiane
47178 Franz-Lenze-Platz 53
– Claudia 47249 Atroper- 39
– Claudia 47228 In den Peschen 4
– Cornelia 47259 Osteroder- 75
– Dieter 47057 Gneisenau- 84
– Dieter 47137 Sommer- 4
– Dirk 47167 Schlachthof- 82
– Dirk 47228 Winkelhauser- 37c
– Doris 47198 Margarethen- 66
– Dorothea 47178 Mühlen- 44
– Dorothea 47269 Liguster- 9
– Edith 47229 Acker- 4a
– Edith 47178 Oswald- 80
– Elisabeth 47259 Düsseldorfer- 22
– Elisabeth 47259 Über dem Bruch 40
– Ellen 47228 Otto- 6
– Emanuel 47057 Kolonie- 157
– Erich 47058 Prinzen- 38
– Erika 47167 Ruprecht- 13
– Erika 47059 Neunkirchener- 18
– Frank 47279 Bissingheimer- 337
– Frank 47055 Fuchs- 74
– Friedrich 47178 Oswald- 80
– Friedrich 47249 Straubinger- 32
– Friedrich 47058 Wintgens- 44
– Fritz 47179 Schiller- 28
– Gabriele 47259 Pollerbruch- 44
– Gabriele 47057 Sternbuschweg 294
– Georg 47178 Franz-Lenze-Platz 53
– Georgia 47249 Gasteiner- 8
– Gerhard 47198 Charlotten- 53
– Gisela 47055 Kauf- 46
– Gisela 47228 Winkelhauser- 184
– Grita 47249 Togo- 38
– Gudrun
47178 Heinrich-Gutermuth- 4a
– Hannelore 47179 Kurfürsten- 24
– Hans 47138 Hagensallee 48a
– Hans 47259 Pollerbruch- 44
– Hans 47166 Kamp- 20
– Hans 47137 Neu- 28
– Hans 47051 Post- 14
– Hans-Joachim
47179 Unter den Linden 107
– Hans-Jürgen 47249 Atroper- 39
– Hedwig 47138 Hagensallee 48a
– Heike 47178 Am Gerrikshof 8
– Heinz 47198 Hopfen- 17
– Heinz 47167 Ruprecht- 13
– Heinz 47199 Augusta- 17
– Heinz 47228 Otto- 6
– Heinz 47198 Margarethen- 66
– Heinz-Jürgen
47239 Düsseldorfer- 72
– Helga 47057 Klöckner- 138
– Helga 47279 Bissingheimer- 337
– Helmut 47166 Alsen- 4
– Helmut 47228 Moerser- 245
– Helmut 47259 Osteroder- 75
– Henning
47249 Großenbaumer Allee 344
– Henriette 47259 Osteroder- 75
– Hilde 47249 Straubinger- 32
– Hildegard 47169 Wilfried- 13a
– Hiltrud 47169 Märker- 55
– Horst 47166 Emscher- 145
– Hubert 47226 Schul- 12
– Ingeburg 47179 Schiller- 28
– Irmgard 47178 Memeler- 61
– Irmgard 47178 König- 61
– Irmgard 47226 Uhland- 14
– Jaqueline 47051 Tonhallen- 67
– Jörg 47057 Gneisenau- 58
– Johann 47053 St.-Johann- 3
– Jürgen 47249 Acker- 4a
– Jürgen 47169 Waterkamp- 27
– Jürgen 47139 Heimersheimer- 13
– Jürgen 47051 Tonhallen- 67
– Karlheinz 47259 Brocken- 59
– Katharina 47199 Augusta- 17
– Katharina 47057 Ludgeri- 23
– Katharina 47055 Max-Brandts- 64
– Katharina 47137 Schliemann- 12
– Kay 47055 Max-Brandts- 64
– Kristiane
47226 Hochemmericher- 33
– Kurt 47057 Sternbuschweg 294
– Lars 47169 Fahrner- 168
– Lieschen 47058 Prinzen- 38
– Marcus 47179 Kurfürsten- 24
– Marga 47178 Am Gerrikshof 8
– Margarete 47198 Hopfen- 17
– Margarete
47137 Unter den Ulmen 76
– Maria 47137 Michelshof 42
– Maria 47053 St.-Johann- 3
– Marianne 47139 Heimersheimer- 13
– Maria 47166 Ostackerweg 113a
– Michael 47226 Eichendorff- 10
– Michael 47169 Henrietten- 22
– Michael 47051 Kardinal-Galen- 5
– Michael 47178 Mühlen- 44
– Monika 47226 Eichendorff- 10
– Petra 47055 Fuchs- 74
– Petra 47269 Im Knick 12
– Petra 47228 Winkelhauser- 37c
– Regina 47226 Kaiser- 47
– Renate 47166 Emscher- 145
– Rüdiger 47178 Am Gerrikshof 8
– Sabine 47138 Grüner Weg 61
– Sophie 47059 Scharnhorst- 23
– Stefanie 47269 Am Siepenkothen 4
– Susanne 47166 Steck- 34a
– Thomas 47228 In den Peschen 4
– Ulrich 47249 Togo- 38
– Ursula 47199 Augusta- 17
– Uwe 47179 Apostel- 35
– Werner 47119 Kurfürsten- 24
– Wilhelm 47166 Steck- 34a
– Wilhelm 47228 Winkelhauser- 184
– Willi 47139 Lehnhof- 15
– Winfried
47178 Heinrich-Gutermuth- 4a
– Wolfgang 47249 Gasteiner- 8
Lohmann-Zach Paula
47239 Kloster- 7a
Firmen, Gewerbebetriebe usw. nach Namen – siehe gelber Teil	A-DU
